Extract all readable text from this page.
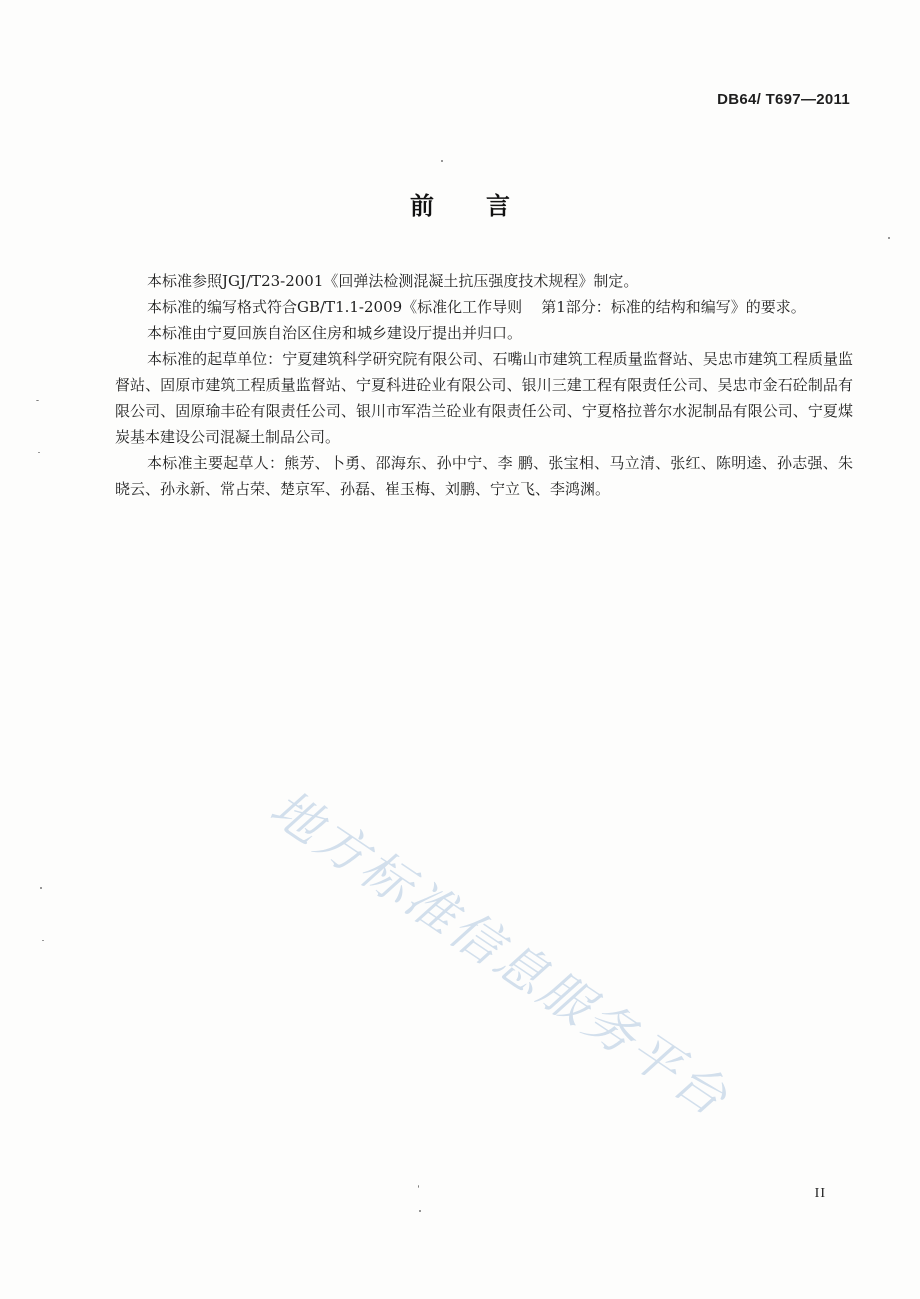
DB64/ T697—2011
前言

本标准参照JGJ/T23-2001《回弹法检测混凝土抗压强度技术规程》制定。

本标准的编写格式符合GB/T1.1-2009《标准化工作导则    第1部分：标准的结构和编写》的要求。

本标准由宁夏回族自治区住房和城乡建设厅提出并归口。

本标准的起草单位：宁夏建筑科学研究院有限公司、石嘴山市建筑工程质量监督站、吴忠市建筑工程质量监督站、固原市建筑工程质量监督站、宁夏科进砼业有限公司、银川三建工程有限责任公司、吴忠市金石砼制品有限公司、固原瑜丰砼有限责任公司、银川市军浩兰砼业有限责任公司、宁夏格拉普尔水泥制品有限公司、宁夏煤炭基本建设公司混凝土制品公司。

本标准主要起草人：熊芳、卜勇、邵海东、孙中宁、李 鹏、张宝相、马立清、张红、陈明逵、孙志强、朱晓云、孙永新、常占荣、楚京军、孙磊、崔玉梅、刘鹏、宁立飞、李鸿渊。

地方标准信息服务平台
II
